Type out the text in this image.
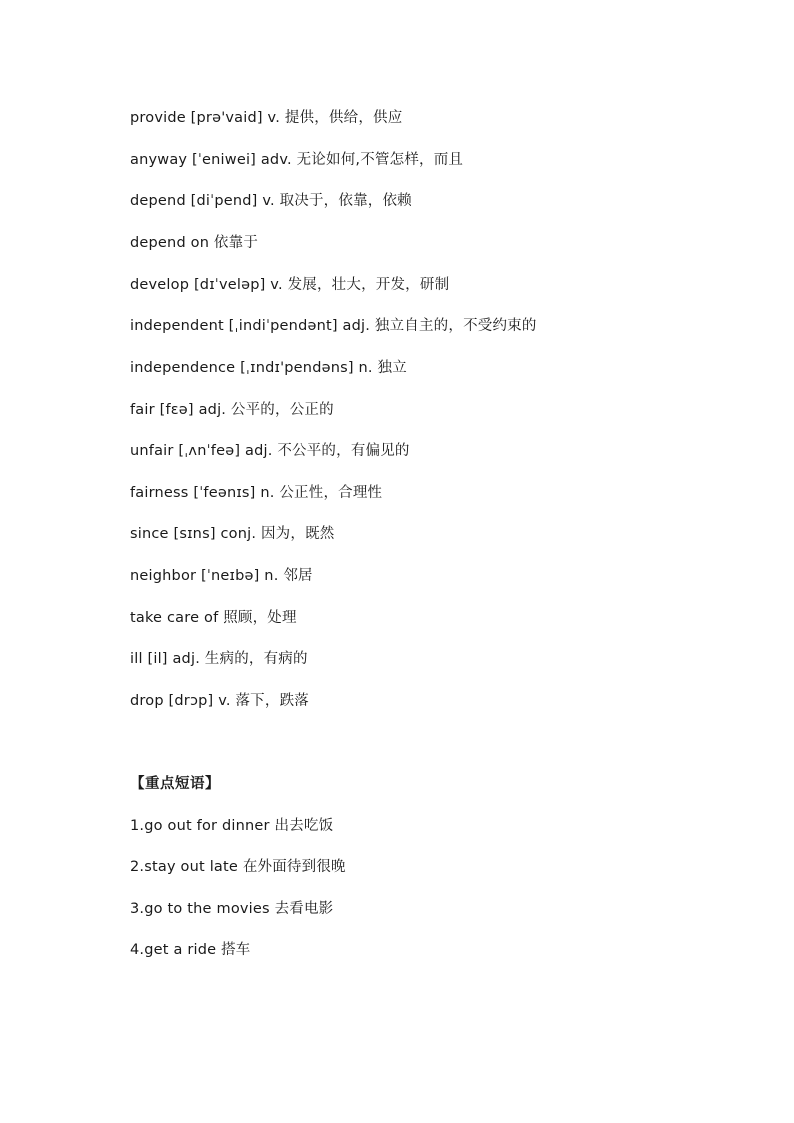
provide [prə'vaid] v. 提供，供给，供应
anyway [ˈeniwei] adv. 无论如何,不管怎样，而且
depend [diˈpend] v. 取决于，依靠，依赖
depend on 依靠于
develop [dɪˈveləp] v. 发展，壮大，开发，研制
independent [ˌindiˈpendənt] adj. 独立自主的，不受约束的
independence [ˌɪndɪ'pendəns] n. 独立
fair [fɛə] adj. 公平的，公正的
unfair [ˌʌnˈfeə] adj. 不公平的，有偏见的
fairness [ˈfeənɪs] n. 公正性，合理性
since [sɪns] conj. 因为，既然
neighbor [ˈneɪbə] n. 邻居
take care of 照顾，处理
ill [il] adj. 生病的，有病的
drop [drɔp] v. 落下，跌落
【重点短语】
1.go out for dinner 出去吃饭
2.stay out late 在外面待到很晚
3.go to the movies 去看电影
4.get a ride 搭车
